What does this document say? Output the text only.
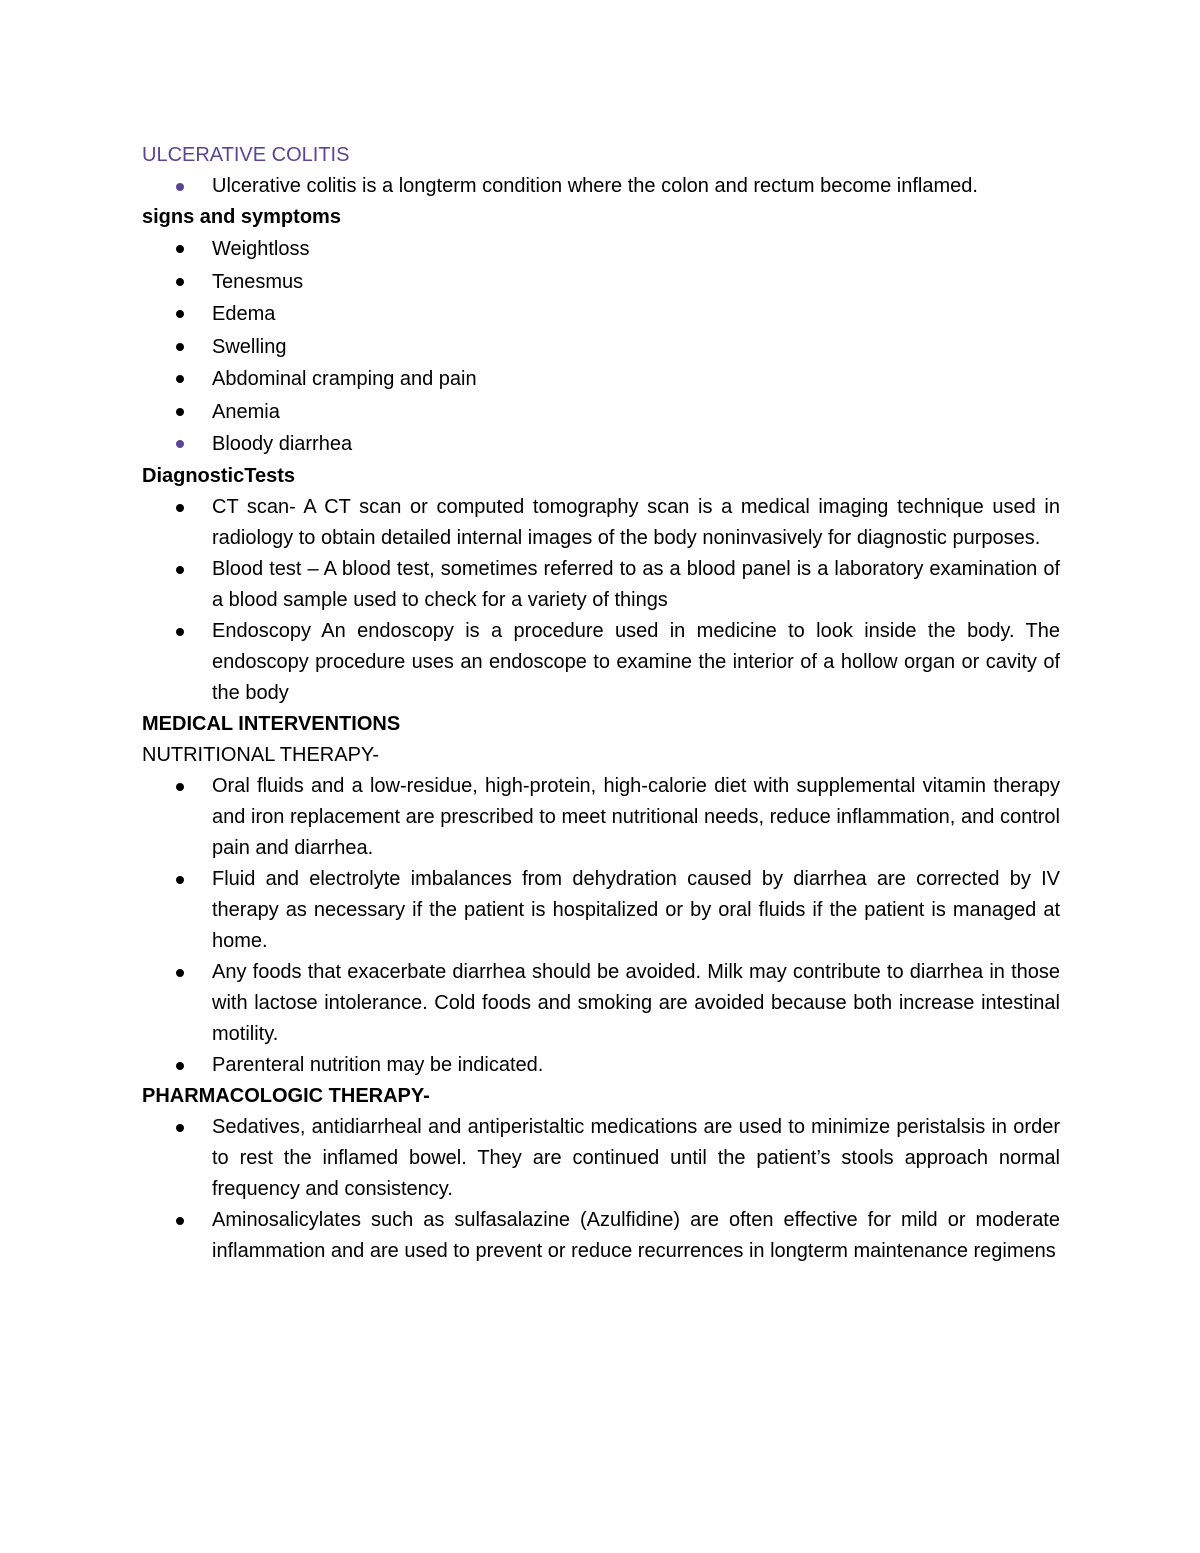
ULCERATIVE COLITIS

Ulcerative colitis is a longterm condition where the colon and rectum become inflamed.

signs and symptoms

Weightloss
Tenesmus
Edema
Swelling
Abdominal cramping and pain
Anemia
Bloody diarrhea

DiagnosticTests

CT scan- A CT scan or computed tomography scan is a medical imaging technique used in radiology to obtain detailed internal images of the body noninvasively for diagnostic purposes.
Blood test – A blood test, sometimes referred to as a blood panel is a laboratory examination of a blood sample used to check for a variety of things
Endoscopy An endoscopy is a procedure used in medicine to look inside the body. The endoscopy procedure uses an endoscope to examine the interior of a hollow organ or cavity of the body

MEDICAL INTERVENTIONS

NUTRITIONAL THERAPY-

Oral fluids and a low-residue, high-protein, high-calorie diet with supplemental vitamin therapy and iron replacement are prescribed to meet nutritional needs, reduce inflammation, and control pain and diarrhea.
Fluid and electrolyte imbalances from dehydration caused by diarrhea are corrected by IV therapy as necessary if the patient is hospitalized or by oral fluids if the patient is managed at home.
Any foods that exacerbate diarrhea should be avoided. Milk may contribute to diarrhea in those with lactose intolerance. Cold foods and smoking are avoided because both increase intestinal motility.
Parenteral nutrition may be indicated.

PHARMACOLOGIC THERAPY-

Sedatives, antidiarrheal and antiperistaltic medications are used to minimize peristalsis in order to rest the inflamed bowel. They are continued until the patient’s stools approach normal frequency and consistency.
Aminosalicylates such as sulfasalazine (Azulfidine) are often effective for mild or moderate inflammation and are used to prevent or reduce recurrences in longterm maintenance regimens
